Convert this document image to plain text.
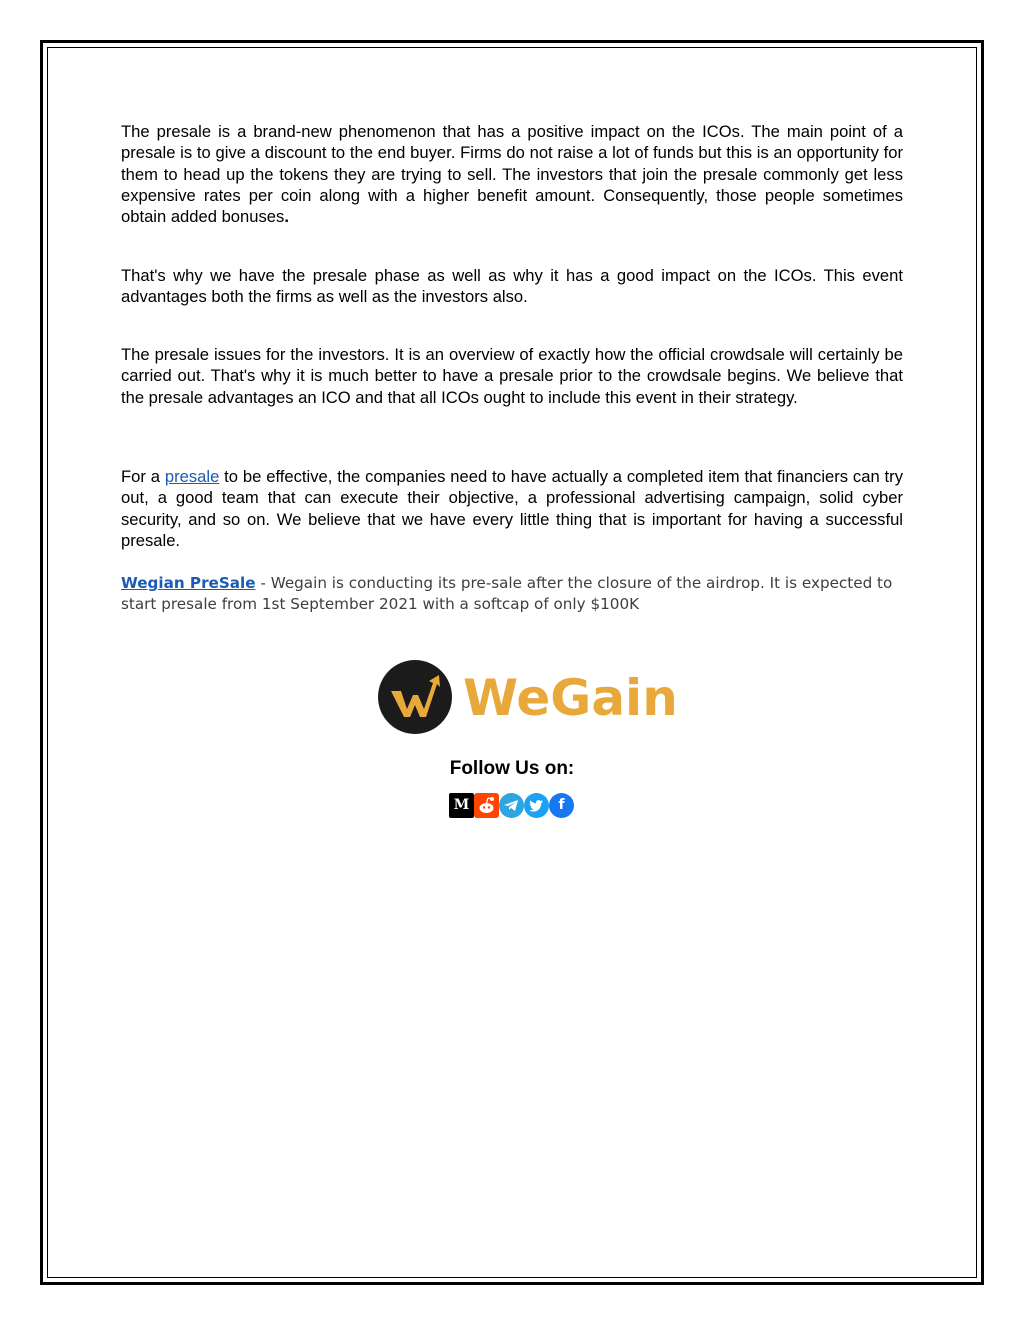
The presale is a brand-new phenomenon that has a positive impact on the ICOs. The main point of a presale is to give a discount to the end buyer. Firms do not raise a lot of funds but this is an opportunity for them to head up the tokens they are trying to sell. The investors that join the presale commonly get less expensive rates per coin along with a higher benefit amount. Consequently, those people sometimes obtain added bonuses.

That's why we have the presale phase as well as why it has a good impact on the ICOs. This event advantages both the firms as well as the investors also.

The presale issues for the investors. It is an overview of exactly how the official crowdsale will certainly be carried out. That's why it is much better to have a presale prior to the crowdsale begins. We believe that the presale advantages an ICO and that all ICOs ought to include this event in their strategy.

For a presale to be effective, the companies need to have actually a completed item that financiers can try out, a good team that can execute their objective, a professional advertising campaign, solid cyber security, and so on. We believe that we have every little thing that is important for having a successful presale.

Wegian PreSale - Wegain is conducting its pre-sale after the closure of the airdrop. It is expected to start presale from 1st September 2021 with a softcap of only $100K

WeGain
Follow Us on:
M	f
